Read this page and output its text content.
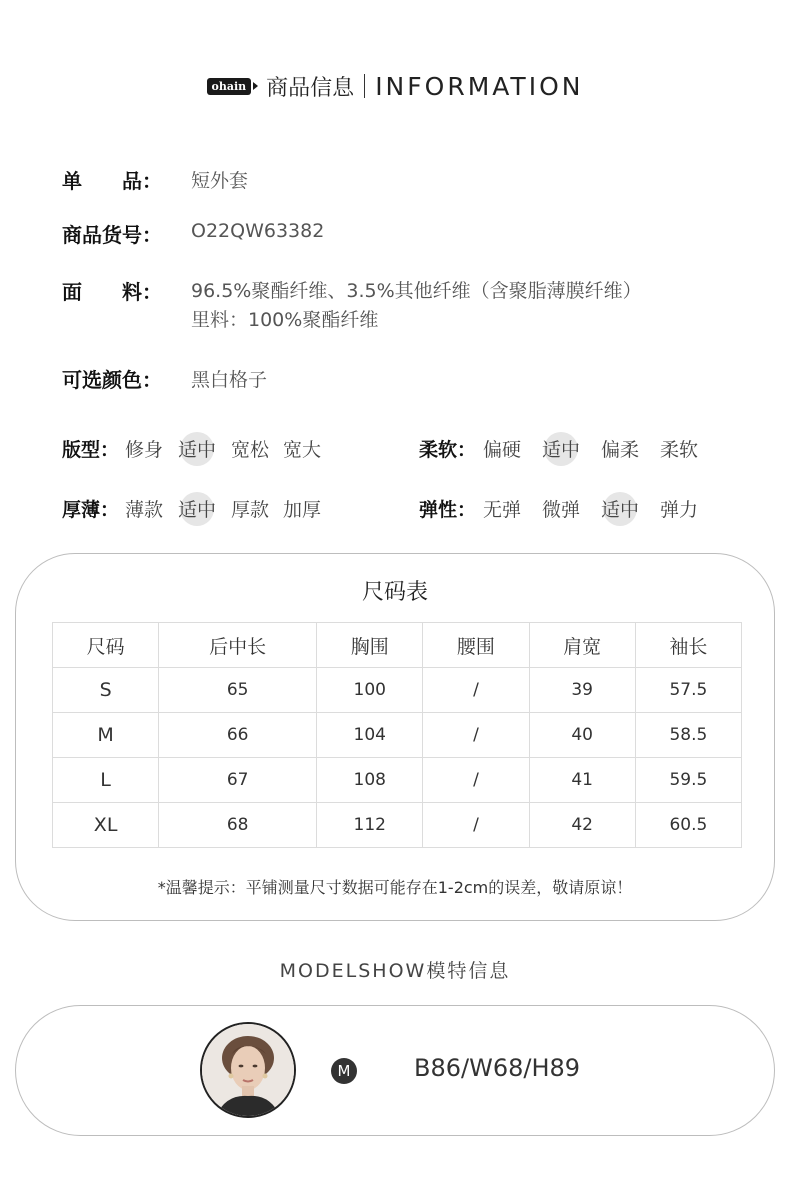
ohain 商品信息 INFORMATION
单　　品： 短外套
商品货号： O22QW63382
面　　料： 96.5%聚酯纤维、3.5%其他纤维（含聚脂薄膜纤维）
里料：100%聚酯纤维
可选颜色： 黑白格子
版型： 修身 适中 宽松 宽大	柔软： 偏硬 适中 偏柔 柔软
厚薄： 薄款 适中 厚款 加厚	弹性： 无弹 微弹 适中 弹力
尺码表
尺码	后中长	胸围	腰围	肩宽	袖长
S	65	100	/	39	57.5
M	66	104	/	40	58.5
L	67	108	/	41	59.5
XL	68	112	/	42	60.5
*温馨提示：平铺测量尺寸数据可能存在1-2cm的误差，敬请原谅！
MODELSHOW模特信息
M	B86/W68/H89
